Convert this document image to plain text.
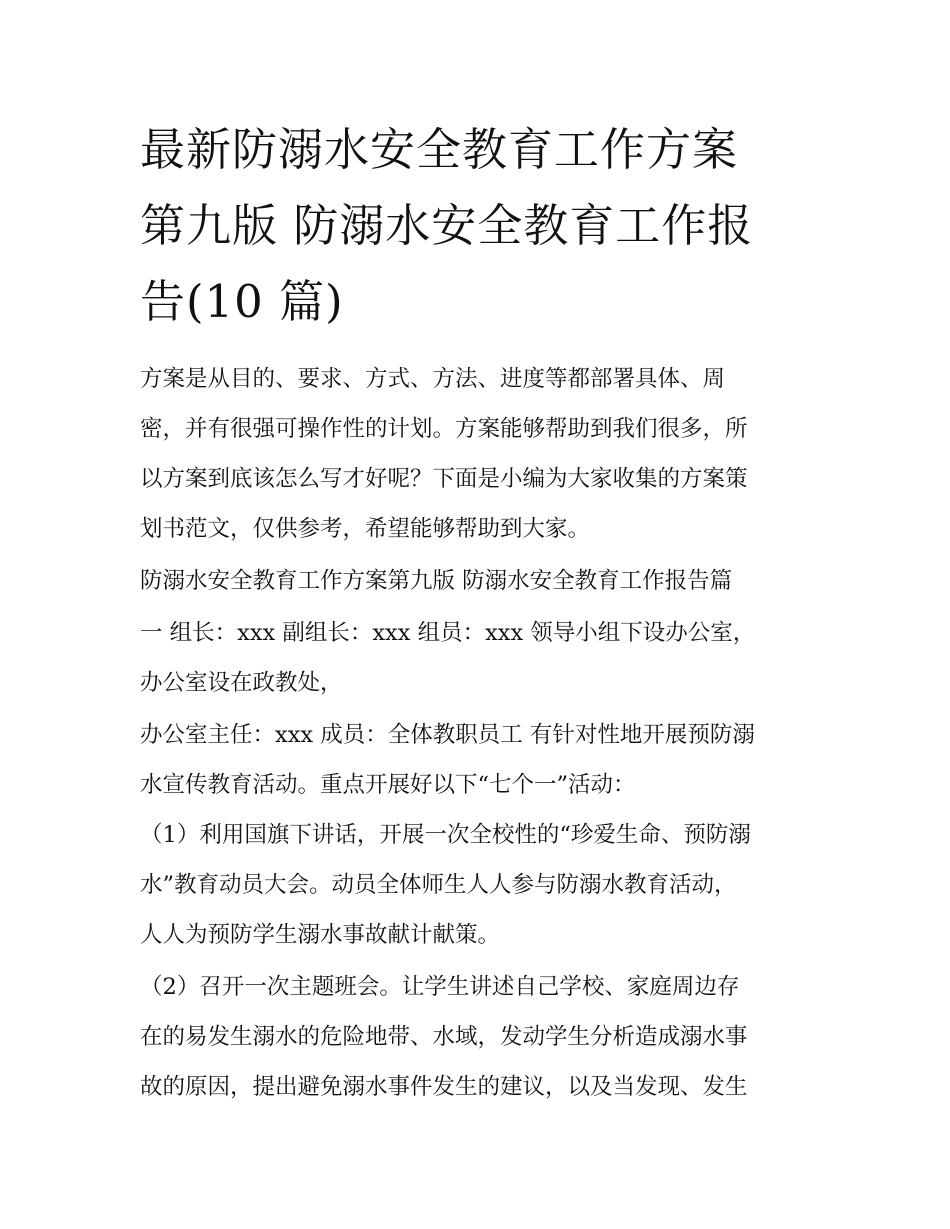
最新防溺水安全教育工作方案
第九版 防溺水安全教育工作报
告(10 篇)

方案是从目的、要求、方式、方法、进度等都部署具体、周

密，并有很强可操作性的计划。方案能够帮助到我们很多，所

以方案到底该怎么写才好呢？下面是小编为大家收集的方案策

划书范文，仅供参考，希望能够帮助到大家。

防溺水安全教育工作方案第九版 防溺水安全教育工作报告篇

一 组长：xxx 副组长：xxx 组员：xxx 领导小组下设办公室，

办公室设在政教处，

办公室主任：xxx 成员：全体教职员工 有针对性地开展预防溺

水宣传教育活动。重点开展好以下“七个一”活动：

（1）利用国旗下讲话，开展一次全校性的“珍爱生命、预防溺

水”教育动员大会。动员全体师生人人参与防溺水教育活动，

人人为预防学生溺水事故献计献策。

（2）召开一次主题班会。让学生讲述自己学校、家庭周边存

在的易发生溺水的危险地带、水域，发动学生分析造成溺水事

故的原因，提出避免溺水事件发生的建议，以及当发现、发生
